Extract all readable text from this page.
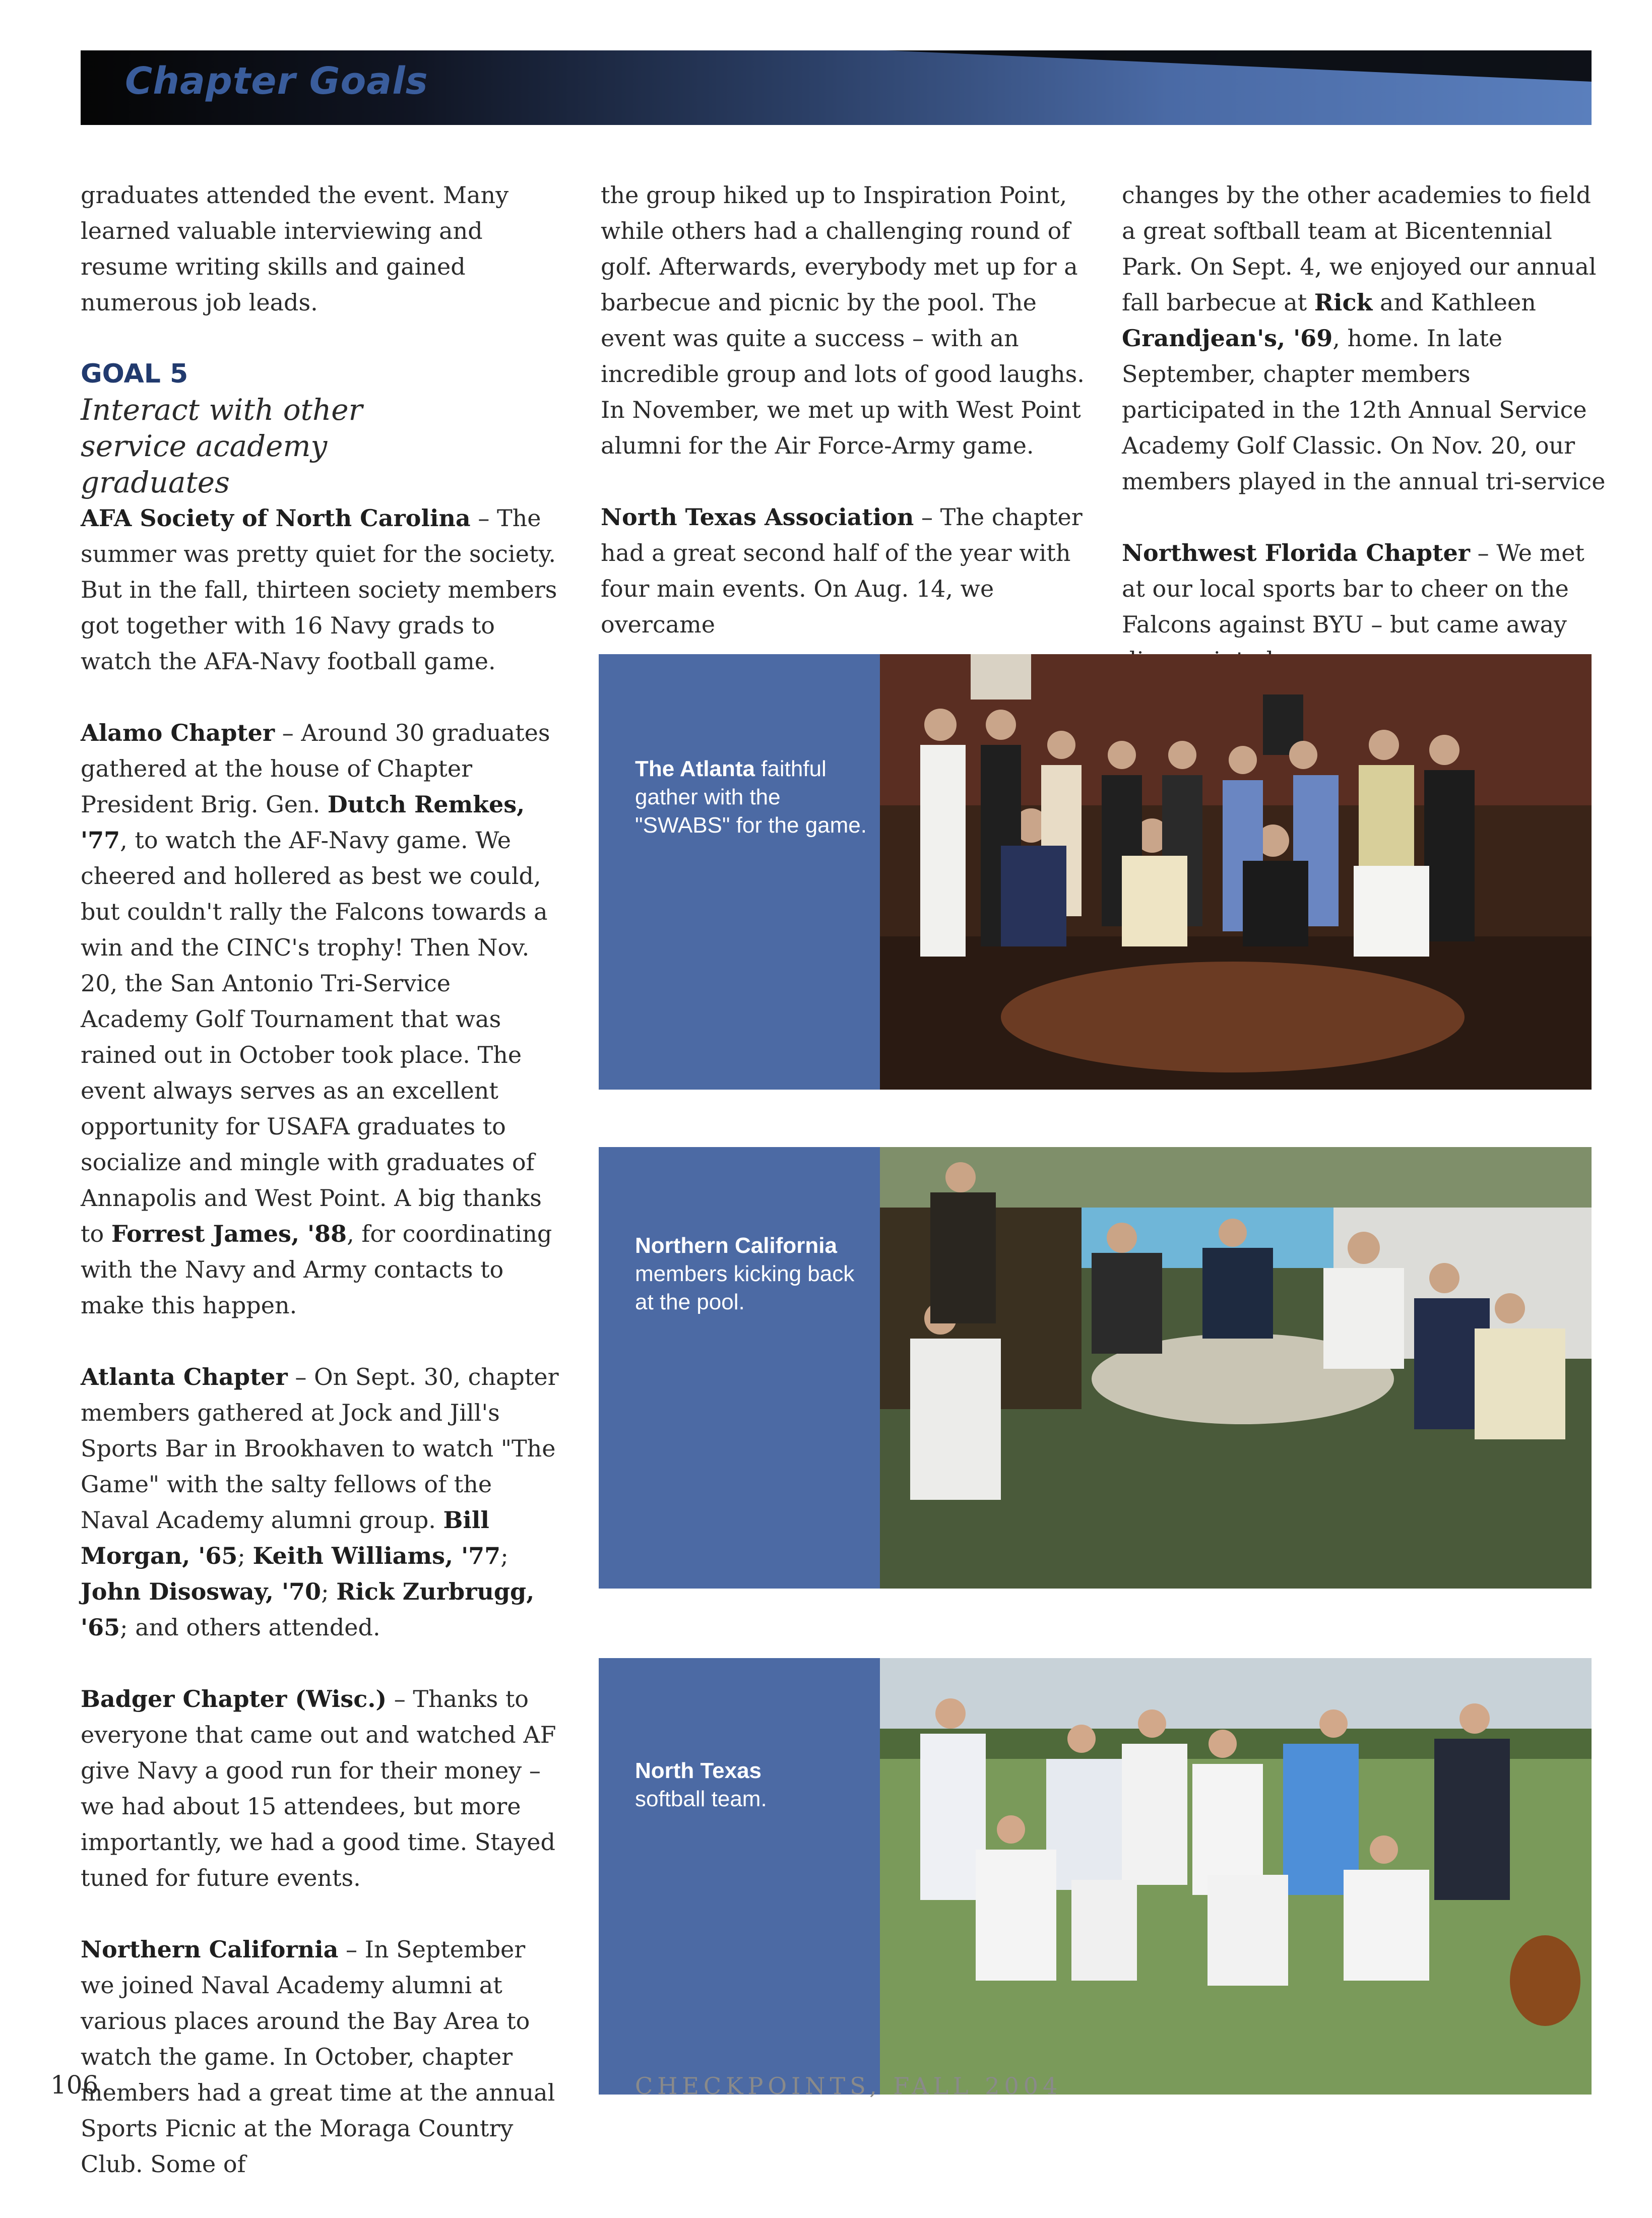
Chapter Goals

graduates attended the event. Many learned valuable interviewing and resume writing skills and gained numerous job leads.

GOAL 5
Interact with other service academy graduates

AFA Society of North Carolina – The summer was pretty quiet for the society. But in the fall, thirteen society members got together with 16 Navy grads to watch the AFA-Navy football game.

Alamo Chapter – Around 30 graduates gathered at the house of Chapter President Brig. Gen. Dutch Remkes, '77, to watch the AF-Navy game. We cheered and hollered as best we could, but couldn't rally the Falcons towards a win and the CINC's trophy! Then Nov. 20, the San Antonio Tri-Service Academy Golf Tournament that was rained out in October took place. The event always serves as an excellent opportunity for USAFA graduates to socialize and mingle with graduates of Annapolis and West Point. A big thanks to Forrest James, '88, for coordinating with the Navy and Army contacts to make this happen.

Atlanta Chapter – On Sept. 30, chapter members gathered at Jock and Jill's Sports Bar in Brookhaven to watch "The Game" with the salty fellows of the Naval Academy alumni group. Bill Morgan, '65; Keith Williams, '77; John Disosway, '70; Rick Zurbrugg, '65; and others attended.

Badger Chapter (Wisc.) – Thanks to everyone that came out and watched AF give Navy a good run for their money – we had about 15 attendees, but more importantly, we had a good time. Stayed tuned for future events.

Northern California – In September we joined Naval Academy alumni at various places around the Bay Area to watch the game. In October, chapter members had a great time at the annual Sports Picnic at the Moraga Country Club. Some of

the group hiked up to Inspiration Point, while others had a challenging round of golf. Afterwards, everybody met up for a barbecue and picnic by the pool. The event was quite a success – with an incredible group and lots of good laughs. In November, we met up with West Point alumni for the Air Force-Army game.

North Texas Association – The chapter had a great second half of the year with four main events. On Aug. 14, we overcame

changes by the other academies to field a great softball team at Bicentennial Park. On Sept. 4, we enjoyed our annual fall barbecue at Rick and Kathleen Grandjean's, '69, home. In late September, chapter members participated in the 12th Annual Service Academy Golf Classic. On Nov. 20, our members played in the annual tri-service

Northwest Florida Chapter – We met at our local sports bar to cheer on the Falcons against BYU – but came away

The Atlanta faithful gather with the "SWABS" for the game.
Northern California
members kicking back at the pool.
North Texas
softball team.
106	CHECKPOINTS, FALL 2004
